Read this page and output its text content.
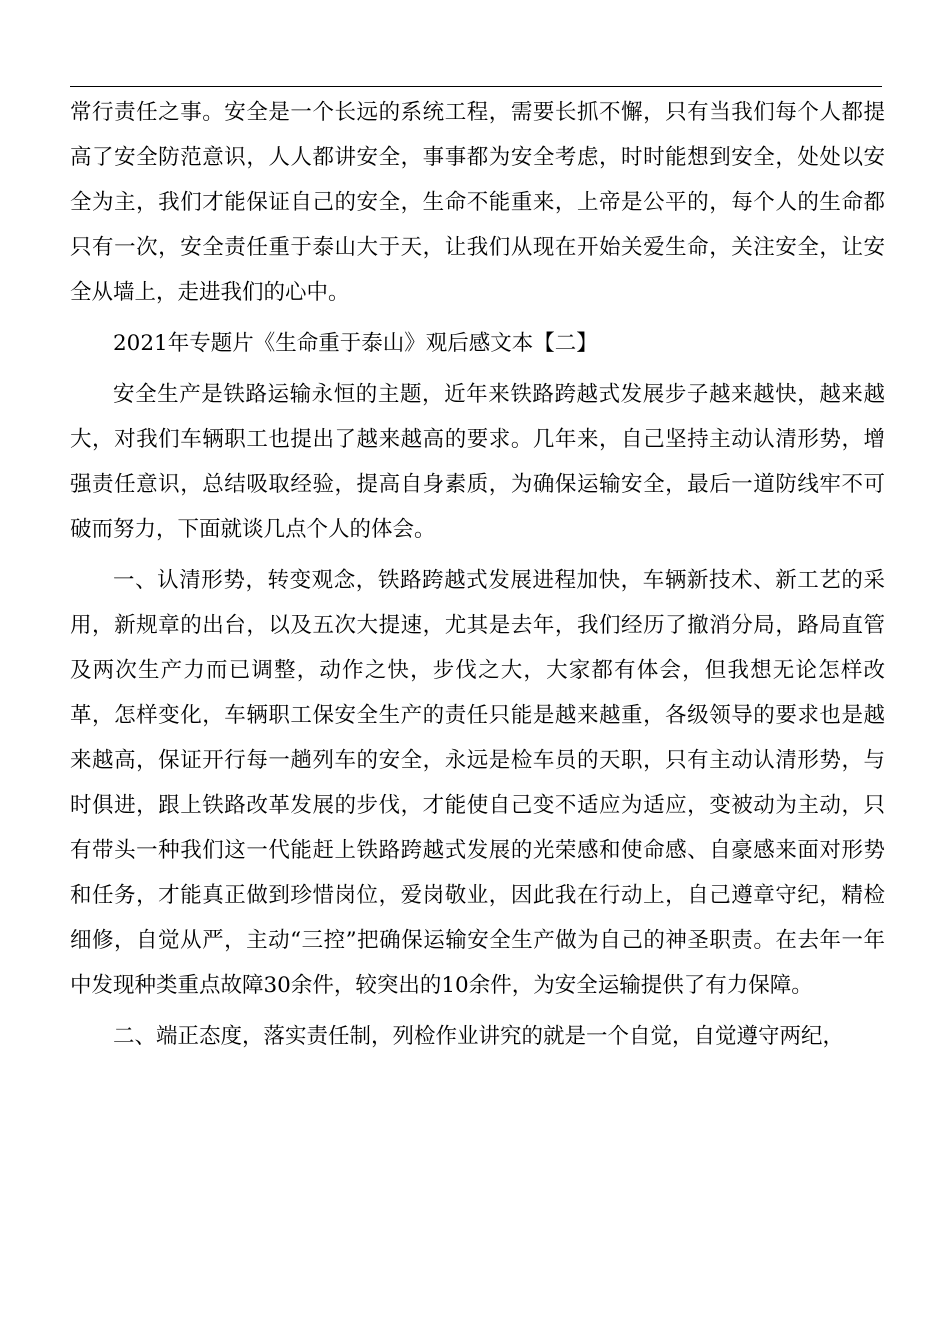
常行责任之事。安全是一个长远的系统工程，需要长抓不懈，只有当我们每个人都提高了安全防范意识，人人都讲安全，事事都为安全考虑，时时能想到安全，处处以安全为主，我们才能保证自己的安全，生命不能重来，上帝是公平的，每个人的生命都只有一次，安全责任重于泰山大于天，让我们从现在开始关爱生命，关注安全，让安全从墙上，走进我们的心中。

2021年专题片《生命重于泰山》观后感文本【二】

安全生产是铁路运输永恒的主题，近年来铁路跨越式发展步子越来越快，越来越大，对我们车辆职工也提出了越来越高的要求。几年来，自己坚持主动认清形势，增强责任意识，总结吸取经验，提高自身素质，为确保运输安全，最后一道防线牢不可破而努力，下面就谈几点个人的体会。

一、认清形势，转变观念，铁路跨越式发展进程加快，车辆新技术、新工艺的采用，新规章的出台，以及五次大提速，尤其是去年，我们经历了撤消分局，路局直管及两次生产力而已调整，动作之快，步伐之大，大家都有体会，但我想无论怎样改革，怎样变化，车辆职工保安全生产的责任只能是越来越重，各级领导的要求也是越来越高，保证开行每一趟列车的安全，永远是检车员的天职，只有主动认清形势，与时俱进，跟上铁路改革发展的步伐，才能使自己变不适应为适应，变被动为主动，只有带头一种我们这一代能赶上铁路跨越式发展的光荣感和使命感、自豪感来面对形势和任务，才能真正做到珍惜岗位，爱岗敬业，因此我在行动上，自己遵章守纪，精检细修，自觉从严，主动“三控”把确保运输安全生产做为自己的神圣职责。在去年一年中发现种类重点故障30余件，较突出的10余件，为安全运输提供了有力保障。

二、端正态度，落实责任制，列检作业讲究的就是一个自觉，自觉遵守两纪，
